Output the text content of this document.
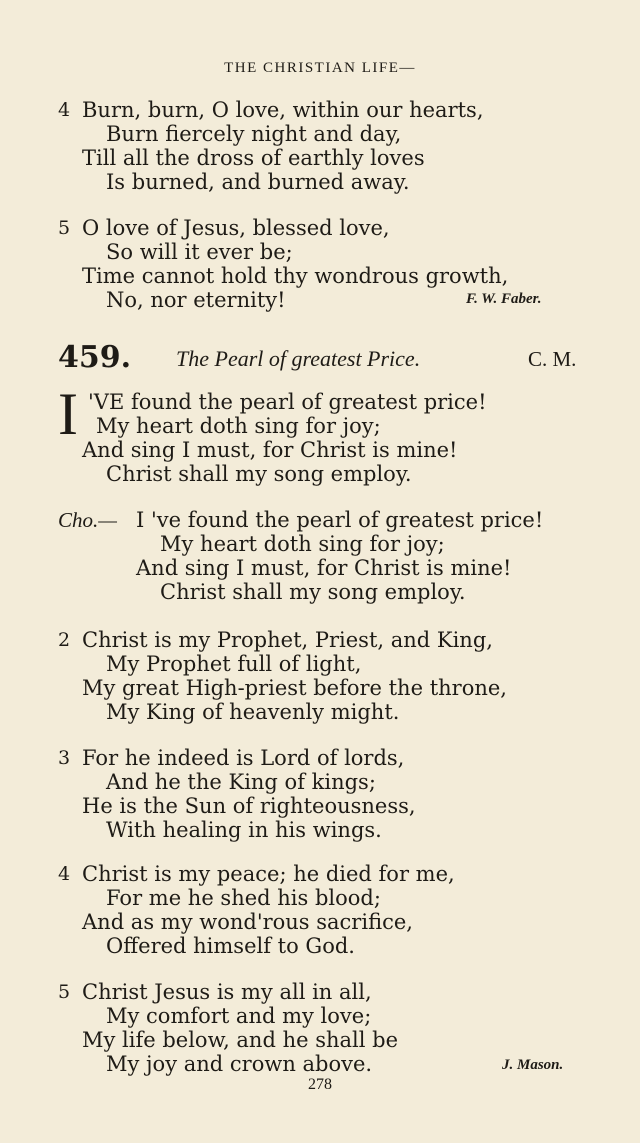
THE CHRISTIAN LIFE—
4 Burn, burn, O love, within our hearts,
Burn fiercely night and day,
Till all the dross of earthly loves
Is burned, and burned away.
5 O love of Jesus, blessed love,
So will it ever be;
Time cannot hold thy wondrous growth,
No, nor eternity!	F. W. Faber.
459. The Pearl of greatest Price.	C. M.
I 'VE found the pearl of greatest price!
My heart doth sing for joy;
And sing I must, for Christ is mine!
Christ shall my song employ.
Cho.— I 've found the pearl of greatest price!
My heart doth sing for joy;
And sing I must, for Christ is mine!
Christ shall my song employ.
2 Christ is my Prophet, Priest, and King,
My Prophet full of light,
My great High-priest before the throne,
My King of heavenly might.
3 For he indeed is Lord of lords,
And he the King of kings;
He is the Sun of righteousness,
With healing in his wings.
4 Christ is my peace; he died for me,
For me he shed his blood;
And as my wond'rous sacrifice,
Offered himself to God.
5 Christ Jesus is my all in all,
My comfort and my love;
My life below, and he shall be
My joy and crown above.	J. Mason.
278
